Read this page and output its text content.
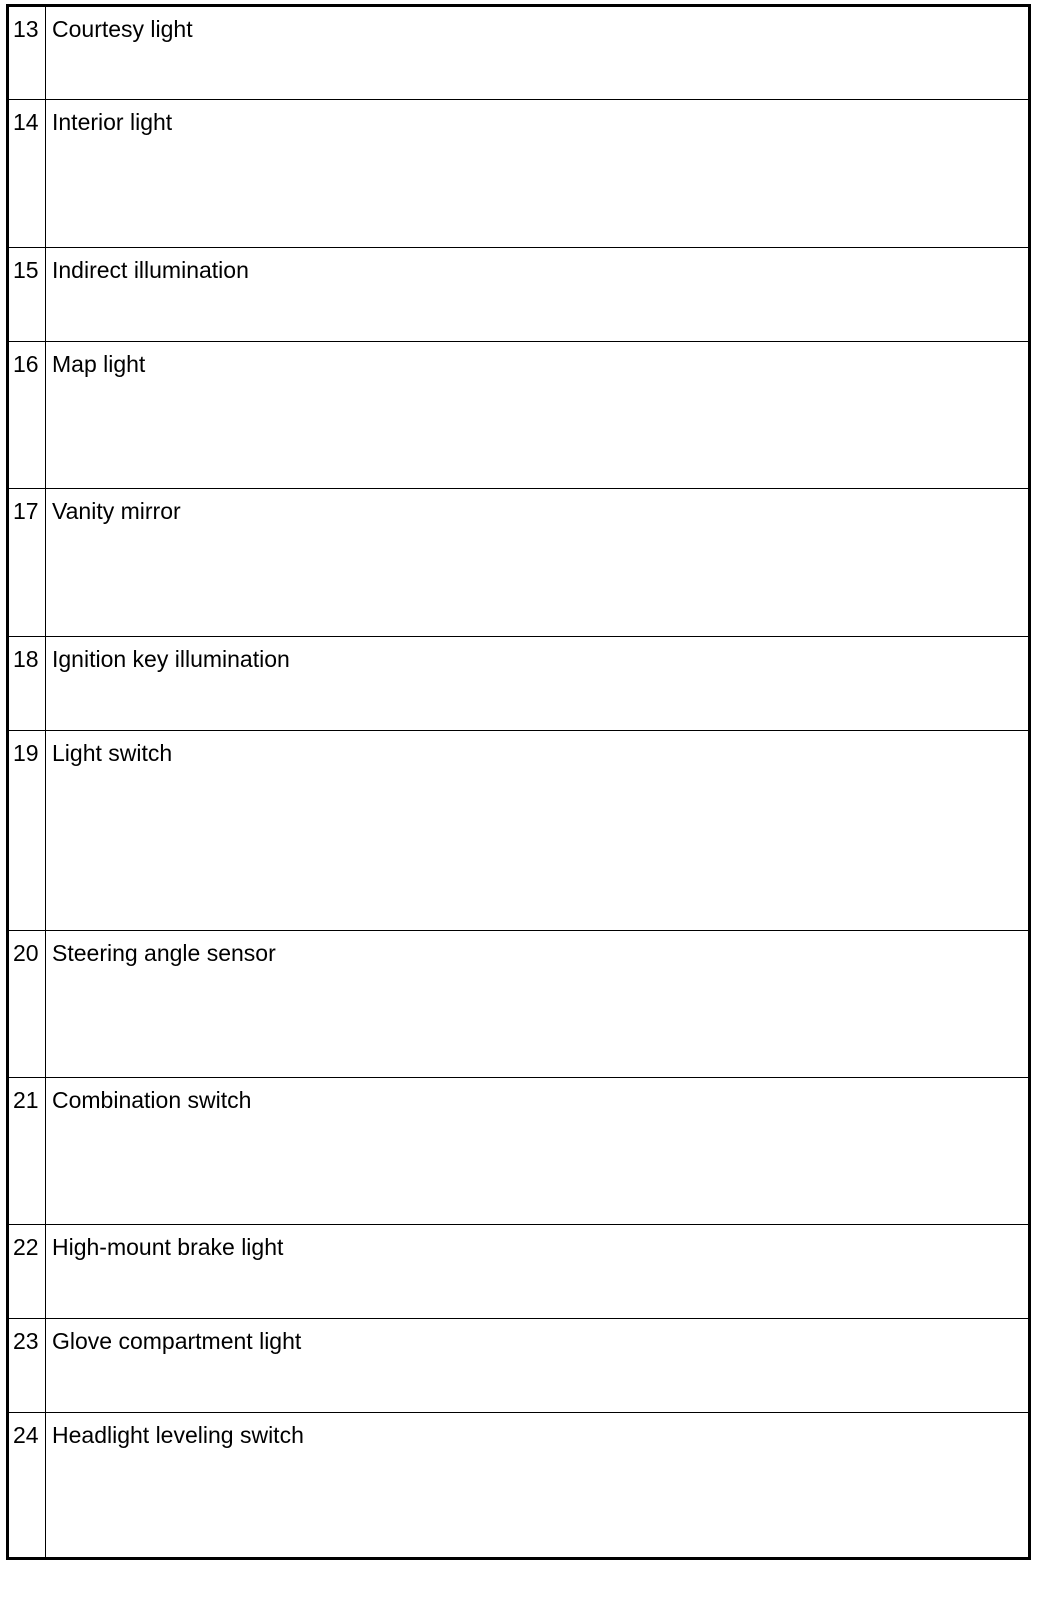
13	Courtesy light
14	Interior light
15	Indirect illumination
16	Map light
17	Vanity mirror
18	Ignition key illumination
19	Light switch
20	Steering angle sensor
21	Combination switch
22	High-mount brake light
23	Glove compartment light
24	Headlight leveling switch
